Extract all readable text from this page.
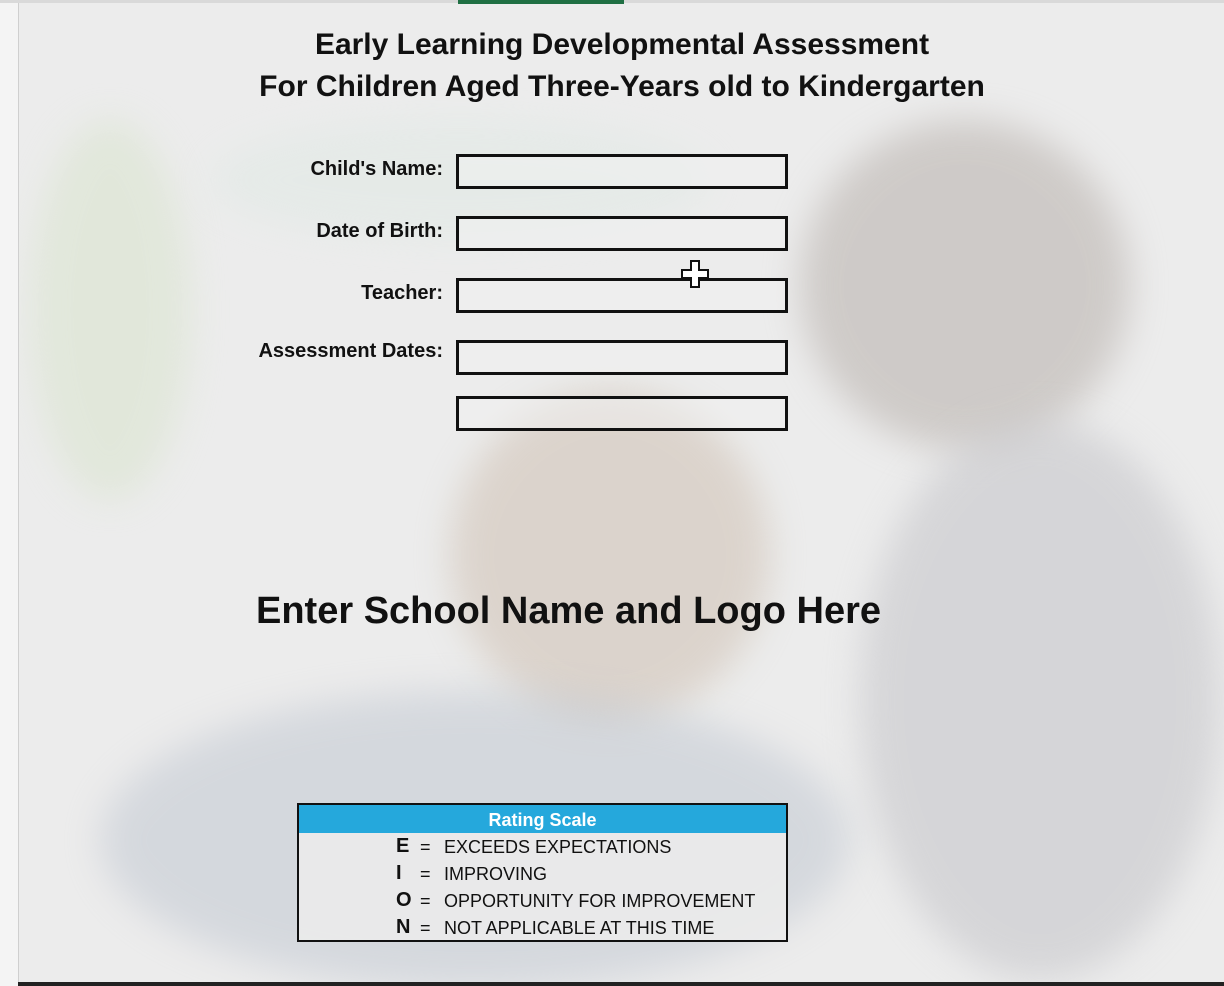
Early Learning Developmental Assessment
For Children Aged Three-Years old to Kindergarten
Child's Name:
Date of Birth:
Teacher:
Assessment Dates:
Enter School Name and Logo Here
Rating Scale
E = EXCEEDS EXPECTATIONS
I = IMPROVING
O = OPPORTUNITY FOR IMPROVEMENT
N = NOT APPLICABLE AT THIS TIME
